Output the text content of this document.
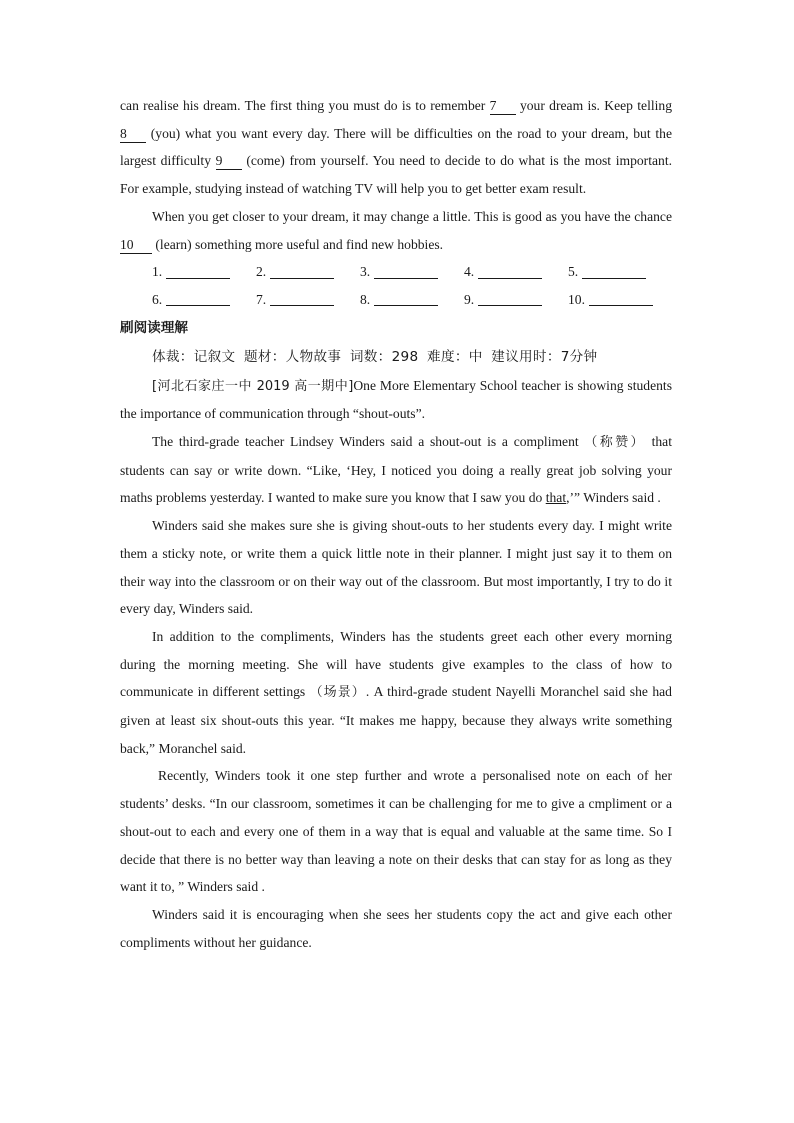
can realise his dream. The first thing you must do is to remember 7 your dream is. Keep telling 8 (you) what you want every day. There will be difficulties on the road to your dream, but the largest difficulty 9 (come) from yourself. You need to decide to do what is the most important. For example, studying instead of watching TV will help you to get better exam result.

When you get closer to your dream, it may change a little. This is good as you have the chance 10 (learn) something more useful and find new hobbies.

1.	2.	3.	4.	5.
6.	7.	8.	9.	10.
刷阅读理解
体裁：记叙文 题材：人物故事 词数：298 难度：中 建议用时：7分钟

[河北石家庄一中 2019 高一期中]One More Elementary School teacher is showing students the importance of communication through “shout-outs”.

The third-grade teacher Lindsey Winders said a shout-out is a compliment （称赞） that students can say or write down. “Like, ‘Hey, I noticed you doing a really great job solving your maths problems yesterday. I wanted to make sure you know that I saw you do that,’” Winders said .

Winders said she makes sure she is giving shout-outs to her students every day. I might write them a sticky note, or write them a quick little note in their planner. I might just say it to them on their way into the classroom or on their way out of the classroom. But most importantly, I try to do it every day, Winders said.

In addition to the compliments, Winders has the students greet each other every morning during the morning meeting. She will have students give examples to the class of how to communicate in different settings （场景）. A third-grade student Nayelli Moranchel said she had given at least six shout-outs this year. “It makes me happy, because they always write something back,” Moranchel said.

Recently, Winders took it one step further and wrote a personalised note on each of her students’ desks. “In our classroom, sometimes it can be challenging for me to give a cmpliment or a shout-out to each and every one of them in a way that is equal and valuable at the same time. So I decide that there is no better way than leaving a note on their desks that can stay for as long as they want it to, ” Winders said .

Winders said it is encouraging when she sees her students copy the act and give each other compliments without her guidance.
